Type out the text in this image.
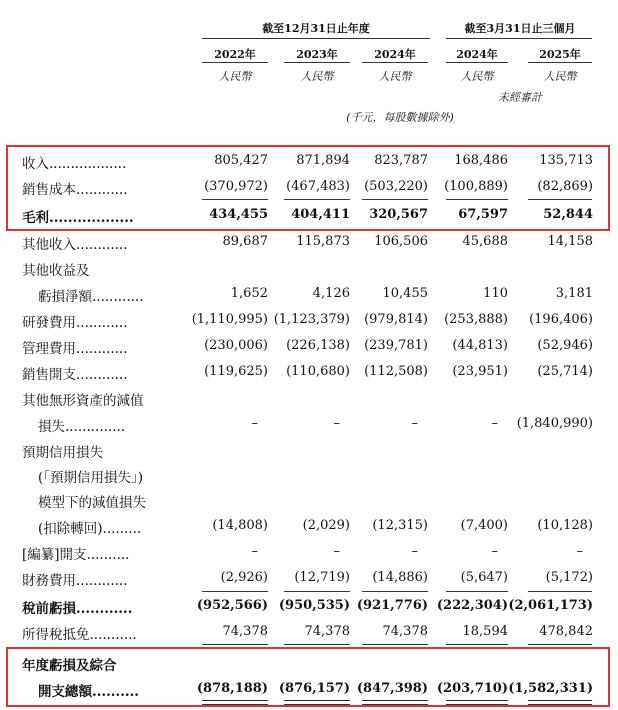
截至12月31日止年度	截至3月31日止三個月
2022年	2023年	2024年	2024年	2025年
人民幣	人民幣	人民幣	人民幣	人民幣
未經審計
(千元，每股數據除外)
收入..................	805,427 871,894 823,787 168,486 135,713
銷售成本............	(370,972) (467,483) (503,220) (100,889) (82,869)
毛利..................	434,455 404,411 320,567 67,597	52,844
其他收入............	89,687 115,873 106,506	45,688	14,158
其他收益及
虧損淨額............	1,652	4,126	10,455	110	3,181
研發費用............	(1,110,995) (1,123,379) (979,814) (253,888) (196,406)
管理費用............	(230,006) (226,138) (239,781) (44,813) (52,946)
銷售開支............	(119,625) (110,680) (112,508) (23,951) (25,714)
其他無形資產的減值
損失..............	–	–	–	– (1,840,990)
預期信用損失
(「預期信用損失」)
模型下的減值損失
(扣除轉回).........	(14,808)	(2,029) (12,315)	(7,400) (10,128)
[編纂]開支..........	–	–	–	–	–
財務費用............	(2,926) (12,719) (14,886)	(5,647)	(5,172)
稅前虧損............	(952,566) (950,535) (921,776) (222,304) (2,061,173)
所得稅抵免...........	74,378	74,378	74,378	18,594 478,842
年度虧損及綜合
開支總額..........	(878,188) (876,157) (847,398) (203,710) (1,582,331)
